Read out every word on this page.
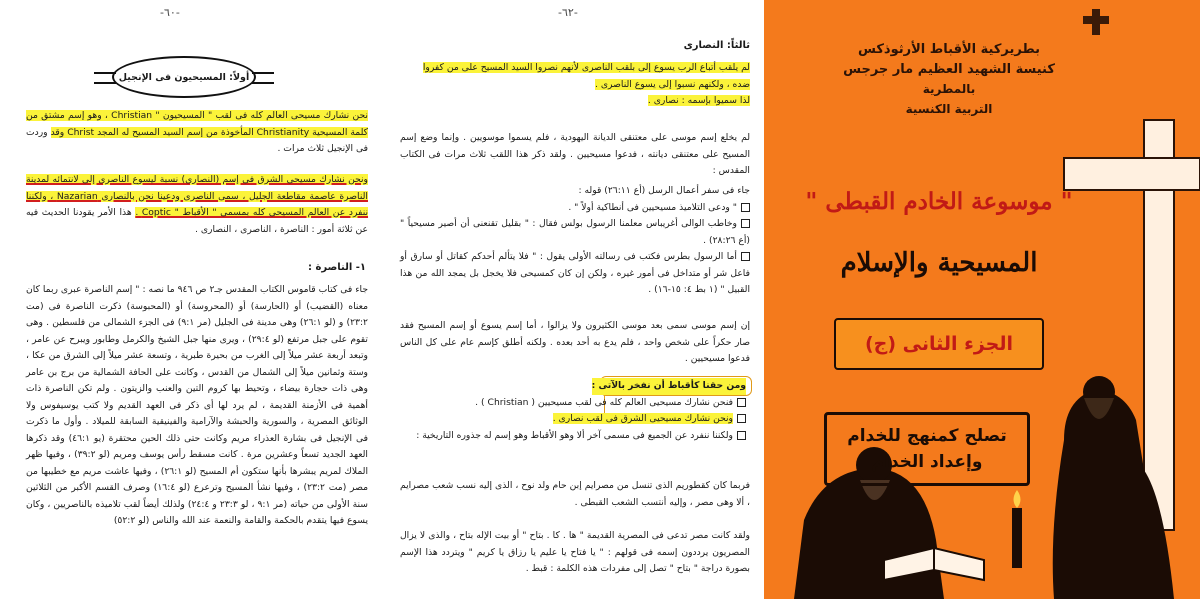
-٦٠-
أولاً: المسيحيون فى الإنجيل
نحن نشارك مسيحى العالم كله فى لقب " المسيحيون " Christian ، وهو إسم مشتق من كلمة المسيحية Christianity المأخوذة من إسم السيد المسيح له المجد Christ وقد وردت فى الإنجيل ثلاث مرات .
ونحن نشارك مسيحى الشرق فى إسم (النصارى) نسبة ليسوع الناصرى إلى لانتمائه لمدينة الناصرة عاصمة مقاطعة الجليل ، سمى الناصرى ودعينا نحن بالنصارى Nazarian ، ولكننا ننفرد عن العالم المسيحى كله بمسمى " الأقباط " Coptic . هذا الأمر يقودنا الحديث فيه عن ثلاثة أمور : الناصرة ، الناصرى ، النصارى .
١- الناصرة :
جاء فى كتاب قاموس الكتاب المقدس جـ٢ ص ٩٤٦ ما نصه : " إسم الناصرة عبرى ربما كان معناه (القضيب) أو (الحارسة) أو (المحروسة) أو (المحبوسة) ذكرت الناصرة فى (مت ٢٣:٢) و (لو ٢٦:١) وهى مدينة فى الجليل (مر ٩:١) فى الجزء الشمالى من فلسطين . وهى تقوم على جبل مرتفع (لو ٢٩:٤) ، ويرى منها جبل الشيخ والكرمل وطابور ويبرح عن عامر ، وتبعد أربعة عشر ميلاً إلى الغرب من بحيرة طبرية ، وتسعة عشر ميلاً إلى الشرق من عكا ، وستة وثمانين ميلاً إلى الشمال من القدس ، وكانت على الحافة الشمالية من برج بن عامر وهى ذات حجارة بيضاء ، وتحيط بها كروم التين والعنب والزيتون . ولم تكن الناصرة ذات أهمية فى الأزمنة القديمة ، لم يرد لها أى ذكر فى العهد القديم ولا كتب يوسيفوس ولا الوثائق المصرية ، والسورية والحبشة والآرامية والفينيقية السابقة للميلاد . وأول ما ذكرت فى الإنجيل فى بشارة العذراء مريم وكانت حتى ذلك الحين محتقرة (يو ٤٦:١) وقد ذكرها العهد الجديد تسعاً وعشرين مرة . كانت مسقط رأس يوسف ومريم (لو ٣٩:٢) ، وفيها ظهر الملاك لمريم يبشرها بأنها ستكون أم المسيح (لو ٢٦:١) ، وفيها عاشت مريم مع خطيبها من مصر (مت ٢٣:٢) ، وفيها نشأ المسيح وترعرع (لو ١٦:٤) وصرف القسم الأكبر من الثلاثين سنة الأولى من حياته (مر ٩:١ ، لو ٢٣:٣ و ٢٤:٤) ولذلك أيضاً لقب تلاميذه بالناصريين ، وكان يسوع فيها يتقدم بالحكمة والقامة والنعمة عند الله والناس (لو ٥٢:٢)
-٦٢-
ثالثاً: النصارى
لم يلقب أتباع الرب يسوع إلى بلقب الناصرى لأنهم نصروا السيد المسيح على من كفروا
ضده ، ولكنهم نسبوا إلى يسوع الناصرى .
لذا سميوا بإسمه : نصارى .
لم يخلع إسم موسى على معتنقى الديانة اليهودية ، فلم يسموا موسويين . وإنما وضع إسم المسيح على معتنقى ديانته ، فدعوا مسيحيين . ولقد ذكر هذا اللقب ثلاث مرات فى الكتاب المقدس :
جاء فى سفر أعمال الرسل (أع ٢٦:١١) قوله :
" ودعى التلاميذ مسيحيين فى أنطاكية أولاً " .
وخاطب الوالى أغريباس معلمنا الرسول بولس فقال : " بقليل تقنعنى أن أصير مسيحياً " (أع ٢٨:٢٦) .
أما الرسول بطرس فكتب فى رسالته الأولى يقول : " فلا يتألم أحدكم كقاتل أو سارق أو فاعل شر أو متداخل فى أمور غيره ، ولكن إن كان كمسيحى فلا يخجل بل يمجد الله من هذا القبيل " (١ بط ٤: ١٥-١٦) .
إن إسم موسى سمى بعد موسى الكثيرون ولا يزالوا ، أما إسم يسوع أو إسم المسيح فقد صار حكراً على شخص واحد ، فلم يدع به أحد بعده . ولكنه أطلق كإسم عام على كل الناس فدعوا مسيحيين .
ومن حقنا كأقباط أن نفخر بالآتى :
فنحن نشارك مسيحيى العالم كله فى لقب مسيحيين ( Christian ) .
ونحن نشارك مسيحيى الشرق فى لقب نصارى .
ولكننا ننفرد عن الجميع فى مسمى آخر ألا وهو الأقباط وهو إسم له جذوره التاريخية :
فربما كان كقطوريم الذى تنسل من مصرايم إبن حام ولد نوح ، الذى إليه نسب شعب مصرايم ، ألا وهى مصر ، وإليه أنتسب الشعب القبطى .
ولقد كانت مصر تدعى فى المصرية القديمة " ها . كا . بتاح " أو بيت الإله بتاح ، والذى لا يزال المصريون يرددون إسمه فى قولهم : " يا فتاح يا عليم يا رزاق يا كريم " ويتردد هذا الإسم بصورة دراجة " بتاح " تصل إلى مفردات هذه الكلمة : قبط .
بطريركية الأقباط الأرثوذكس
كنيسة الشهيد العظيم مار جرجس
بالمطرية
التربية الكنسية
" موسوعة الخادم القبطى "
المسيحية والإسلام
الجزء الثانى (ج)
تصلح كمنهج للخدام
وإعداد الخدام
